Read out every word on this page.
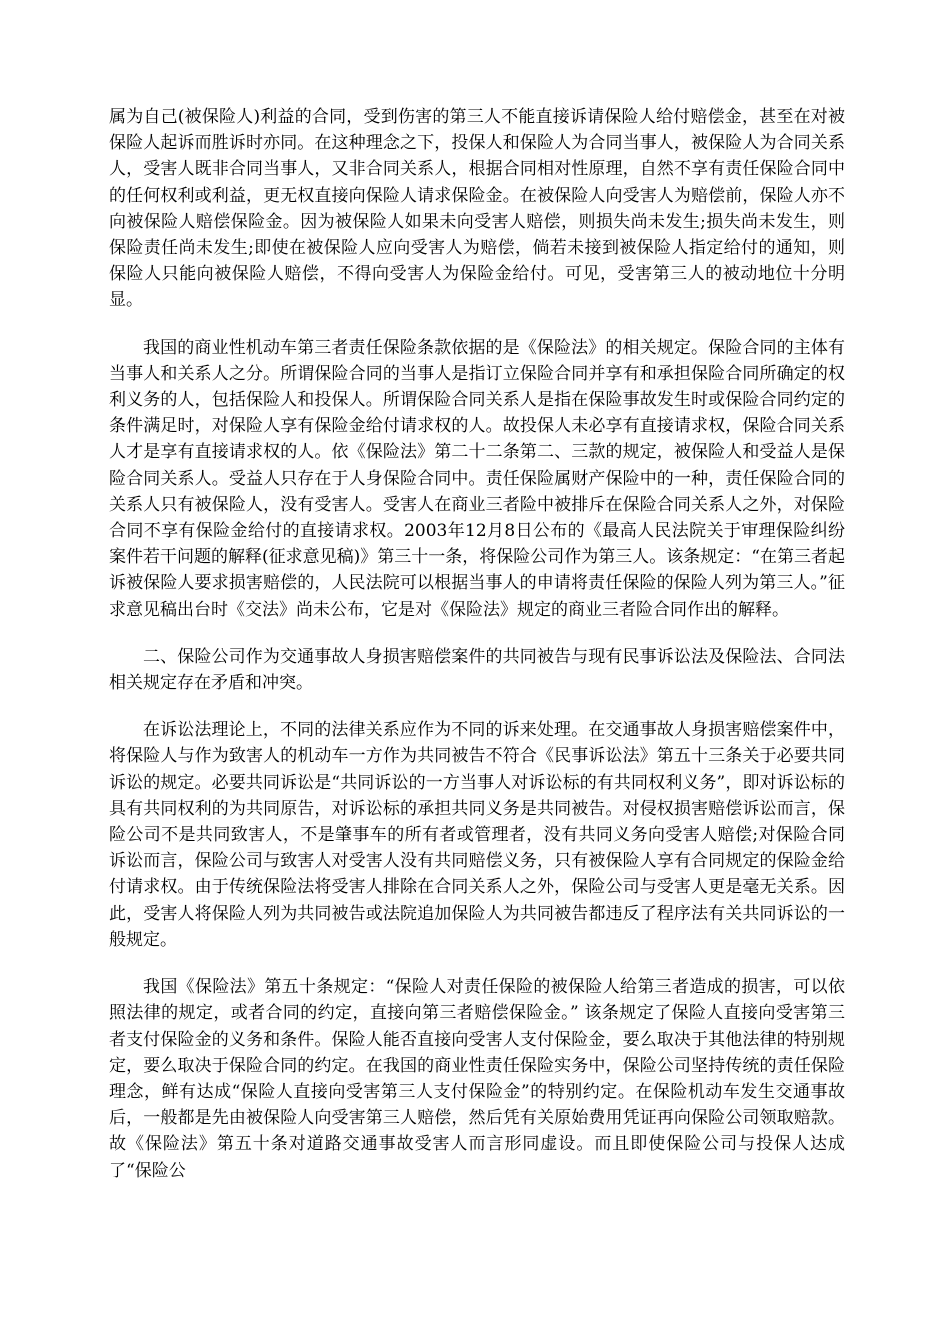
属为自己(被保险人)利益的合同，受到伤害的第三人不能直接诉请保险人给付赔偿金，甚至在对被保险人起诉而胜诉时亦同。在这种理念之下，投保人和保险人为合同当事人，被保险人为合同关系人，受害人既非合同当事人，又非合同关系人，根据合同相对性原理，自然不享有责任保险合同中的任何权利或利益，更无权直接向保险人请求保险金。在被保险人向受害人为赔偿前，保险人亦不向被保险人赔偿保险金。因为被保险人如果未向受害人赔偿，则损失尚未发生;损失尚未发生，则保险责任尚未发生;即使在被保险人应向受害人为赔偿，倘若未接到被保险人指定给付的通知，则保险人只能向被保险人赔偿，不得向受害人为保险金给付。可见，受害第三人的被动地位十分明显。

我国的商业性机动车第三者责任保险条款依据的是《保险法》的相关规定。保险合同的主体有当事人和关系人之分。所谓保险合同的当事人是指订立保险合同并享有和承担保险合同所确定的权利义务的人，包括保险人和投保人。所谓保险合同关系人是指在保险事故发生时或保险合同约定的条件满足时，对保险人享有保险金给付请求权的人。故投保人未必享有直接请求权，保险合同关系人才是享有直接请求权的人。依《保险法》第二十二条第二、三款的规定，被保险人和受益人是保险合同关系人。受益人只存在于人身保险合同中。责任保险属财产保险中的一种，责任保险合同的关系人只有被保险人，没有受害人。受害人在商业三者险中被排斥在保险合同关系人之外，对保险合同不享有保险金给付的直接请求权。2003年12月8日公布的《最高人民法院关于审理保险纠纷案件若干问题的解释(征求意见稿)》第三十一条，将保险公司作为第三人。该条规定：“在第三者起诉被保险人要求损害赔偿的，人民法院可以根据当事人的申请将责任保险的保险人列为第三人。”征求意见稿出台时《交法》尚未公布，它是对《保险法》规定的商业三者险合同作出的解释。

二、保险公司作为交通事故人身损害赔偿案件的共同被告与现有民事诉讼法及保险法、合同法相关规定存在矛盾和冲突。

在诉讼法理论上，不同的法律关系应作为不同的诉来处理。在交通事故人身损害赔偿案件中，将保险人与作为致害人的机动车一方作为共同被告不符合《民事诉讼法》第五十三条关于必要共同诉讼的规定。必要共同诉讼是“共同诉讼的一方当事人对诉讼标的有共同权利义务”，即对诉讼标的具有共同权利的为共同原告，对诉讼标的承担共同义务是共同被告。对侵权损害赔偿诉讼而言，保险公司不是共同致害人，不是肇事车的所有者或管理者，没有共同义务向受害人赔偿;对保险合同诉讼而言，保险公司与致害人对受害人没有共同赔偿义务，只有被保险人享有合同规定的保险金给付请求权。由于传统保险法将受害人排除在合同关系人之外，保险公司与受害人更是毫无关系。因此，受害人将保险人列为共同被告或法院追加保险人为共同被告都违反了程序法有关共同诉讼的一般规定。

我国《保险法》第五十条规定：“保险人对责任保险的被保险人给第三者造成的损害，可以依照法律的规定，或者合同的约定，直接向第三者赔偿保险金。” 该条规定了保险人直接向受害第三者支付保险金的义务和条件。保险人能否直接向受害人支付保险金，要么取决于其他法律的特别规定，要么取决于保险合同的约定。在我国的商业性责任保险实务中，保险公司坚持传统的责任保险理念，鲜有达成“保险人直接向受害第三人支付保险金”的特别约定。在保险机动车发生交通事故后，一般都是先由被保险人向受害第三人赔偿，然后凭有关原始费用凭证再向保险公司领取赔款。故《保险法》第五十条对道路交通事故受害人而言形同虚设。而且即使保险公司与投保人达成了“保险公
